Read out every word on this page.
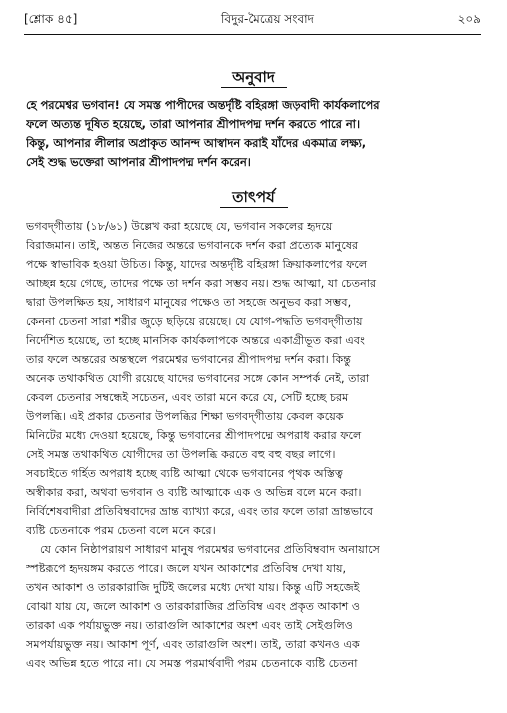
[শ্লোক ৪৫]	বিদুর-মৈত্রেয় সংবাদ	২০৯
অনুবাদ
হে পরমেশ্বর ভগবান! যে সমস্ত পাপীদের অন্তর্দৃষ্টি বহিরঙ্গা জড়বাদী কার্যকলাপের
ফলে অত্যন্ত দূষিত হয়েছে, তারা আপনার শ্রীপাদপদ্ম দর্শন করতে পারে না।
কিন্তু, আপনার লীলার অপ্রাকৃত আনন্দ আস্বাদন করাই যাঁদের একমাত্র লক্ষ্য,
সেই শুদ্ধ ভক্তেরা আপনার শ্রীপাদপদ্ম দর্শন করেন।
তাৎপর্য
ভগবদ্‌গীতায় (১৮/৬১) উল্লেখ করা হয়েছে যে, ভগবান সকলের হৃদয়ে
বিরাজমান। তাই, অন্তত নিজের অন্তরে ভগবানকে দর্শন করা প্রত্যেক মানুষের
পক্ষে স্বাভাবিক হওয়া উচিত। কিন্তু, যাদের অন্তর্দৃষ্টি বহিরঙ্গা ক্রিয়াকলাপের ফলে
আচ্ছন্ন হয়ে গেছে, তাদের পক্ষে তা দর্শন করা সম্ভব নয়। শুদ্ধ আত্মা, যা চেতনার
দ্বারা উপলক্ষিত হয়, সাধারণ মানুষের পক্ষেও তা সহজে অনুভব করা সম্ভব,
কেননা চেতনা সারা শরীর জুড়ে ছড়িয়ে রয়েছে। যে যোগ-পদ্ধতি ভগবদ্‌গীতায়
নির্দেশিত হয়েছে, তা হচ্ছে মানসিক কার্যকলাপকে অন্তরে একাগ্রীভূত করা এবং
তার ফলে অন্তরের অন্তস্থলে পরমেশ্বর ভগবানের শ্রীপাদপদ্ম দর্শন করা। কিন্তু
অনেক তথাকথিত যোগী রয়েছে যাদের ভগবানের সঙ্গে কোন সম্পর্ক নেই, তারা
কেবল চেতনার সম্বন্ধেই সচেতন, এবং তারা মনে করে যে, সেটি হচ্ছে চরম
উপলব্ধি। এই প্রকার চেতনার উপলব্ধির শিক্ষা ভগবদ্‌গীতায় কেবল কয়েক
মিনিটের মধ্যে দেওয়া হয়েছে, কিন্তু ভগবানের শ্রীপাদপদ্মে অপরাধ করার ফলে
সেই সমস্ত তথাকথিত যোগীদের তা উপলব্ধি করতে বহু বহু বছর লাগে।
সবচাইতে গর্হিত অপরাধ হচ্ছে ব্যষ্টি আত্মা থেকে ভগবানের পৃথক অস্তিত্ব
অস্বীকার করা, অথবা ভগবান ও ব্যষ্টি আত্মাকে এক ও অভিন্ন বলে মনে করা।
নির্বিশেষবাদীরা প্রতিবিম্ববাদের ভ্রান্ত ব্যাখ্যা করে, এবং তার ফলে তারা ভ্রান্তভাবে
ব্যষ্টি চেতনাকে পরম চেতনা বলে মনে করে।
যে কোন নিষ্ঠাপরায়ণ সাধারণ মানুষ পরমেশ্বর ভগবানের প্রতিবিম্ববাদ অনায়াসে
স্পষ্টরূপে হৃদয়ঙ্গম করতে পারে। জলে যখন আকাশের প্রতিবিম্ব দেখা যায়,
তখন আকাশ ও তারকারাজি দুটিই জলের মধ্যে দেখা যায়। কিন্তু এটি সহজেই
বোঝা যায় যে, জলে আকাশ ও তারকারাজির প্রতিবিম্ব এবং প্রকৃত আকাশ ও
তারকা এক পর্যায়ভুক্ত নয়। তারাগুলি আকাশের অংশ এবং তাই সেইগুলিও
সমপর্যায়ভুক্ত নয়। আকাশ পূর্ণ, এবং তারাগুলি অংশ। তাই, তারা কখনও এক
এবং অভিন্ন হতে পারে না। যে সমস্ত পরমার্থবাদী পরম চেতনাকে ব্যষ্টি চেতনা
